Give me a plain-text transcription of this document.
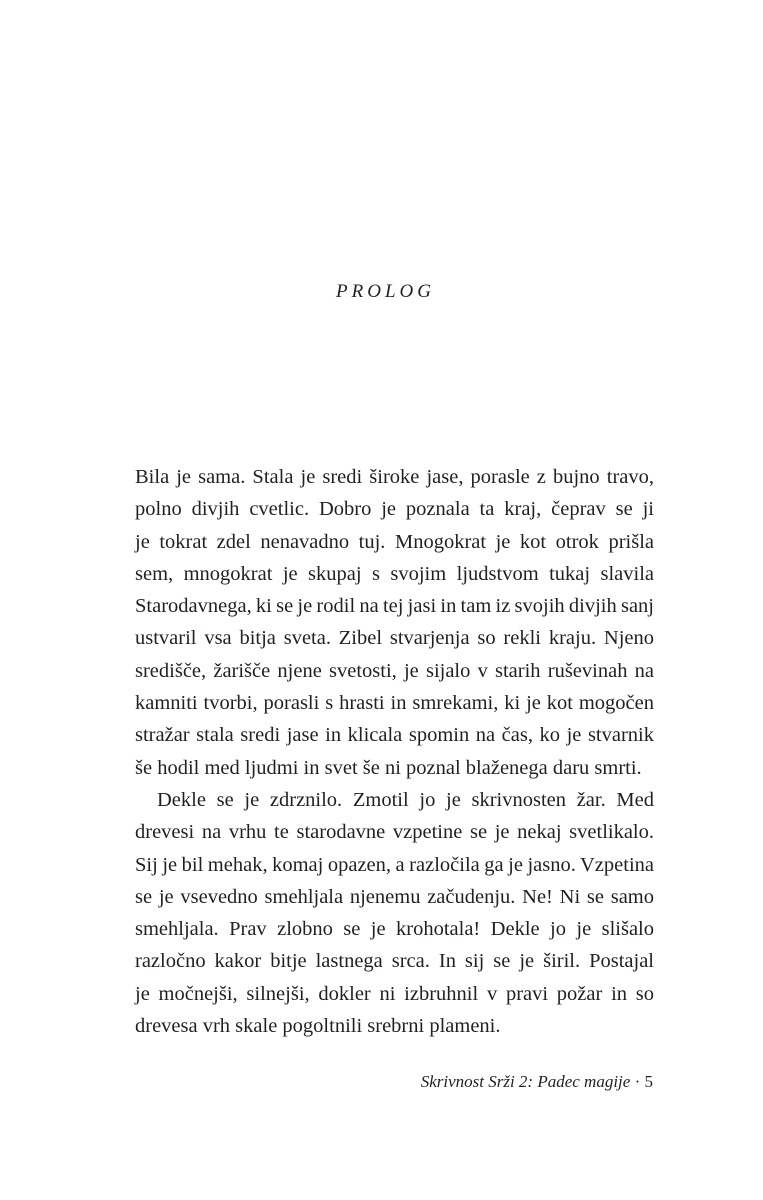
PROLOG

Bila je sama. Stala je sredi široke jase, porasle z bujno travo,
polno divjih cvetlic. Dobro je poznala ta kraj, čeprav se ji
je tokrat zdel nenavadno tuj. Mnogokrat je kot otrok prišla
sem, mnogokrat je skupaj s svojim ljudstvom tukaj slavila
Starodavnega, ki se je rodil na tej jasi in tam iz svojih divjih sanj
ustvaril vsa bitja sveta. Zibel stvarjenja so rekli kraju. Njeno
središče, žarišče njene svetosti, je sijalo v starih ruševinah na
kamniti tvorbi, porasli s hrasti in smrekami, ki je kot mogočen
stražar stala sredi jase in klicala spomin na čas, ko je stvarnik
še hodil med ljudmi in svet še ni poznal blaženega daru smrti.

Dekle se je zdrznilo. Zmotil jo je skrivnosten žar. Med
drevesi na vrhu te starodavne vzpetine se je nekaj svetlikalo.
Sij je bil mehak, komaj opazen, a razločila ga je jasno. Vzpetina
se je vsevedno smehljala njenemu začudenju. Ne! Ni se samo
smehljala. Prav zlobno se je krohotala! Dekle jo je slišalo
razločno kakor bitje lastnega srca. In sij se je širil. Postajal
je močnejši, silnejši, dokler ni izbruhnil v pravi požar in so
drevesa vrh skale pogoltnili srebrni plameni.

Skrivnost Srži 2: Padec magije · 5
